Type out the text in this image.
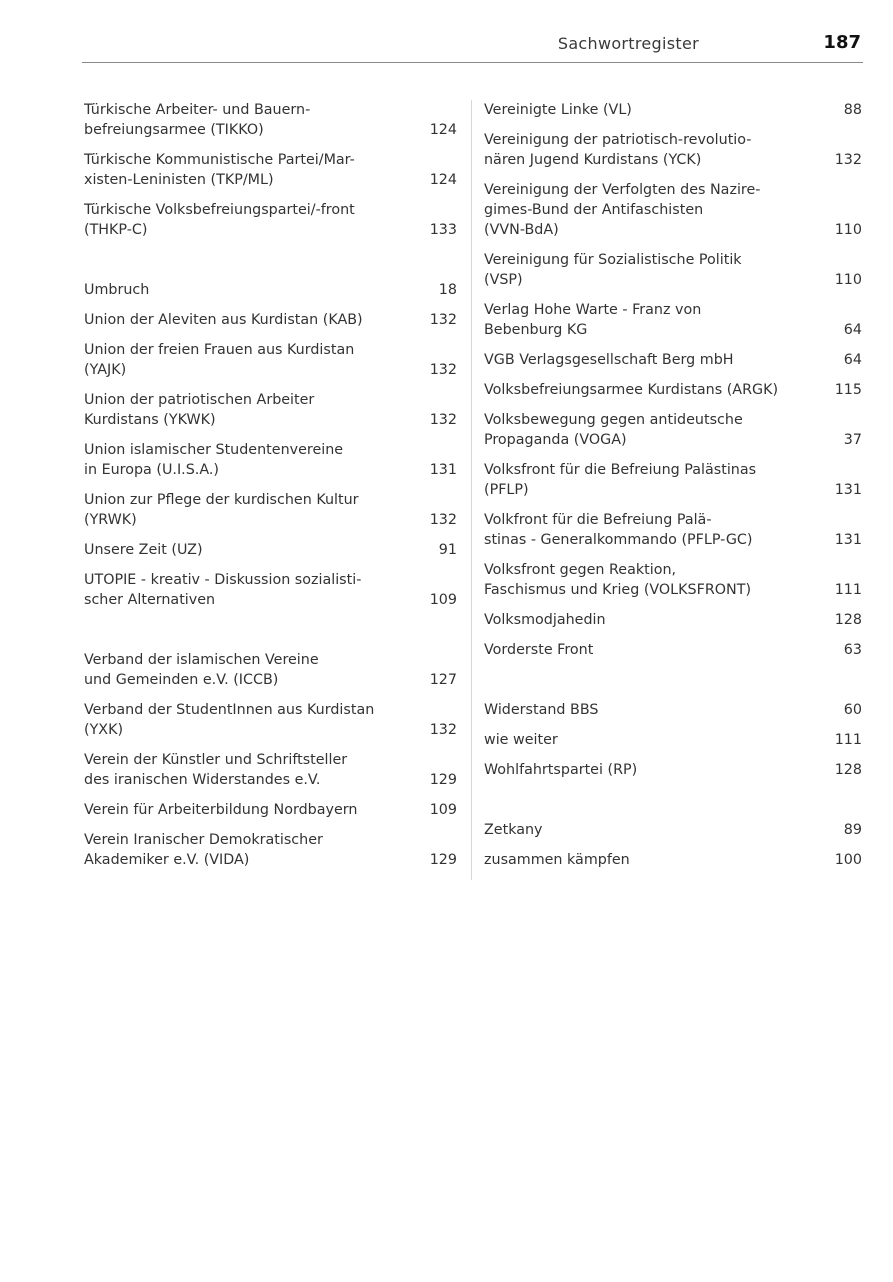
Sachwortregister	187
Türkische Arbeiter- und Bauern-
befreiungsarmee (TIKKO)	124
Türkische Kommunistische Partei/Mar-
xisten-Leninisten (TKP/ML)	124
Türkische Volksbefreiungspartei/-front
(THKP-C)	133
Umbruch	18
Union der Aleviten aus Kurdistan (KAB)	132
Union der freien Frauen aus Kurdistan
(YAJK)	132
Union der patriotischen Arbeiter
Kurdistans (YKWK)	132
Union islamischer Studentenvereine
in Europa (U.I.S.A.)	131
Union zur Pflege der kurdischen Kultur
(YRWK)	132
Unsere Zeit (UZ)	91
UTOPIE - kreativ - Diskussion sozialisti-
scher Alternativen	109
Verband der islamischen Vereine
und Gemeinden e.V. (ICCB)	127
Verband der StudentInnen aus Kurdistan
(YXK)	132
Verein der Künstler und Schriftsteller
des iranischen Widerstandes e.V.	129
Verein für Arbeiterbildung Nordbayern	109
Verein Iranischer Demokratischer
Akademiker e.V. (VIDA)	129
Vereinigte Linke (VL)	88
Vereinigung der patriotisch-revolutio-
nären Jugend Kurdistans (YCK)	132
Vereinigung der Verfolgten des Nazire-
gimes-Bund der Antifaschisten
(VVN-BdA)	110
Vereinigung für Sozialistische Politik
(VSP)	110
Verlag Hohe Warte - Franz von
Bebenburg KG	64
VGB Verlagsgesellschaft Berg mbH	64
Volksbefreiungsarmee Kurdistans (ARGK)	115
Volksbewegung gegen antideutsche
Propaganda (VOGA)	37
Volksfront für die Befreiung Palästinas
(PFLP)	131
Volkfront für die Befreiung Palä-
stinas - Generalkommando (PFLP-GC)	131
Volksfront gegen Reaktion,
Faschismus und Krieg (VOLKSFRONT)	111
Volksmodjahedin	128
Vorderste Front	63
Widerstand BBS	60
wie weiter	111
Wohlfahrtspartei (RP)	128
Zetkany	89
zusammen kämpfen	100
